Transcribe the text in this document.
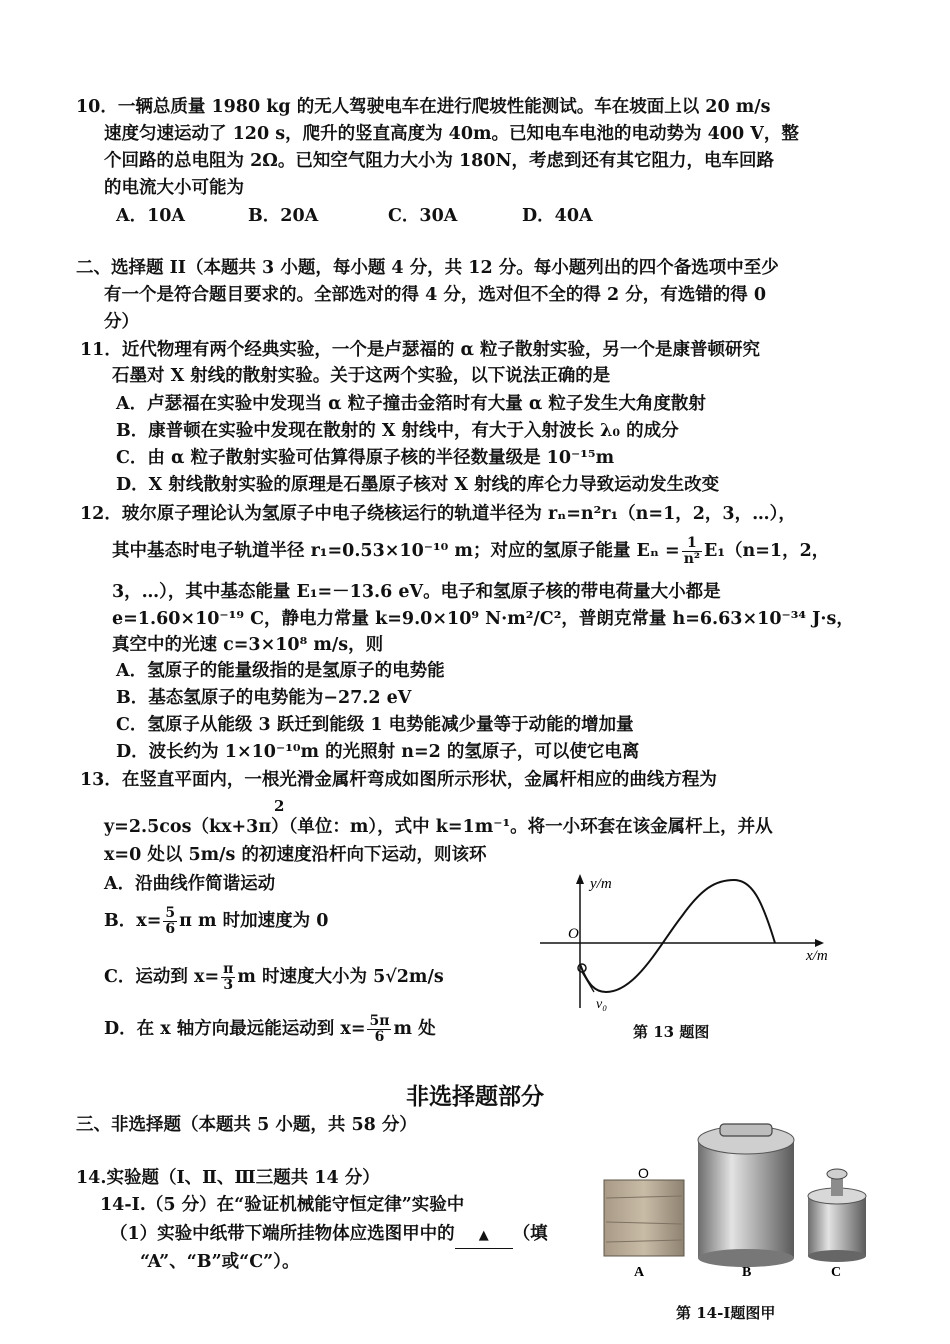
10．一辆总质量 1980 kg 的无人驾驶电车在进行爬坡性能测试。车在坡面上以 20 m/s
速度匀速运动了 120 s，爬升的竖直高度为 40m。已知电车电池的电动势为 400 V，整
个回路的总电阻为 2Ω。已知空气阻力大小为 180N，考虑到还有其它阻力，电车回路
的电流大小可能为
A．10A	B．20A	C．30A	D．40A
二、选择题 II（本题共 3 小题，每小题 4 分，共 12 分。每小题列出的四个备选项中至少
有一个是符合题目要求的。全部选对的得 4 分，选对但不全的得 2 分，有选错的得 0
分）
11．近代物理有两个经典实验，一个是卢瑟福的 α 粒子散射实验，另一个是康普顿研究
石墨对 X 射线的散射实验。关于这两个实验，以下说法正确的是
A．卢瑟福在实验中发现当 α 粒子撞击金箔时有大量 α 粒子发生大角度散射
B．康普顿在实验中发现在散射的 X 射线中，有大于入射波长 λ₀ 的成分
C．由 α 粒子散射实验可估算得原子核的半径数量级是 10⁻¹⁵m
D．X 射线散射实验的原理是石墨原子核对 X 射线的库仑力导致运动发生改变
12．玻尔原子理论认为氢原子中电子绕核运行的轨道半径为 rₙ=n²r₁（n=1，2，3，…），
其中基态时电子轨道半径 r₁=0.53×10⁻¹⁰ m；对应的氢原子能量 $E_n = \frac{1}{\text{n²}} E_1(n=1$，2，
3，…），其中基态能量 E₁=－13.6 eV。电子和氢原子核的带电荷量大小都是
e=1.60×10⁻¹⁹ C，静电力常量 k=9.0×10⁹ N·m²/C²，普朗克常量 h=6.63×10⁻³⁴ J·s，
真空中的光速 c=3×10⁸ m/s，则
A．氢原子的能量级指的是氢原子的电势能
B．基态氢原子的电势能为−27.2 eV
C．氢原子从能级 3 跃迁到能级 1 电势能减少量等于动能的增加量
D．波长约为 1×10⁻¹⁰m 的光照射 n=2 的氢原子，可以使它电离
13．在竖直平面内，一根光滑金属杆弯成如图所示形状，金属杆相应的曲线方程为
2
y=2.5cos（kx+3π）（单位：m），式中 k=1m⁻¹。将一小环套在该金属杆上，并从
x=0 处以 5m/s 的初速度沿杆向下运动，则该环
A．沿曲线作简谐运动
B．$x= \frac{5}{6}$ π m 时加速度为 0
C．运动到 $x= \frac{\pi}{3}$ m 时速度大小为 5√2m/s
D．在 x 轴方向最远能运动到 $x= \frac{5\pi}{6}$ m 处
y/m
x/m
O
v₀
第 13 题图
非选择题部分
三、非选择题（本题共 5 小题，共 58 分）
14.实验题（Ⅰ、Ⅱ、Ⅲ三题共 14 分）
14-Ⅰ.（5 分）在“验证机械能守恒定律”实验中
（1）实验中纸带下端所挂物体应选图甲中的 ▲ （填
“A”、“B”或“C”）。
O
A	B	C
第 14-Ⅰ题图甲
